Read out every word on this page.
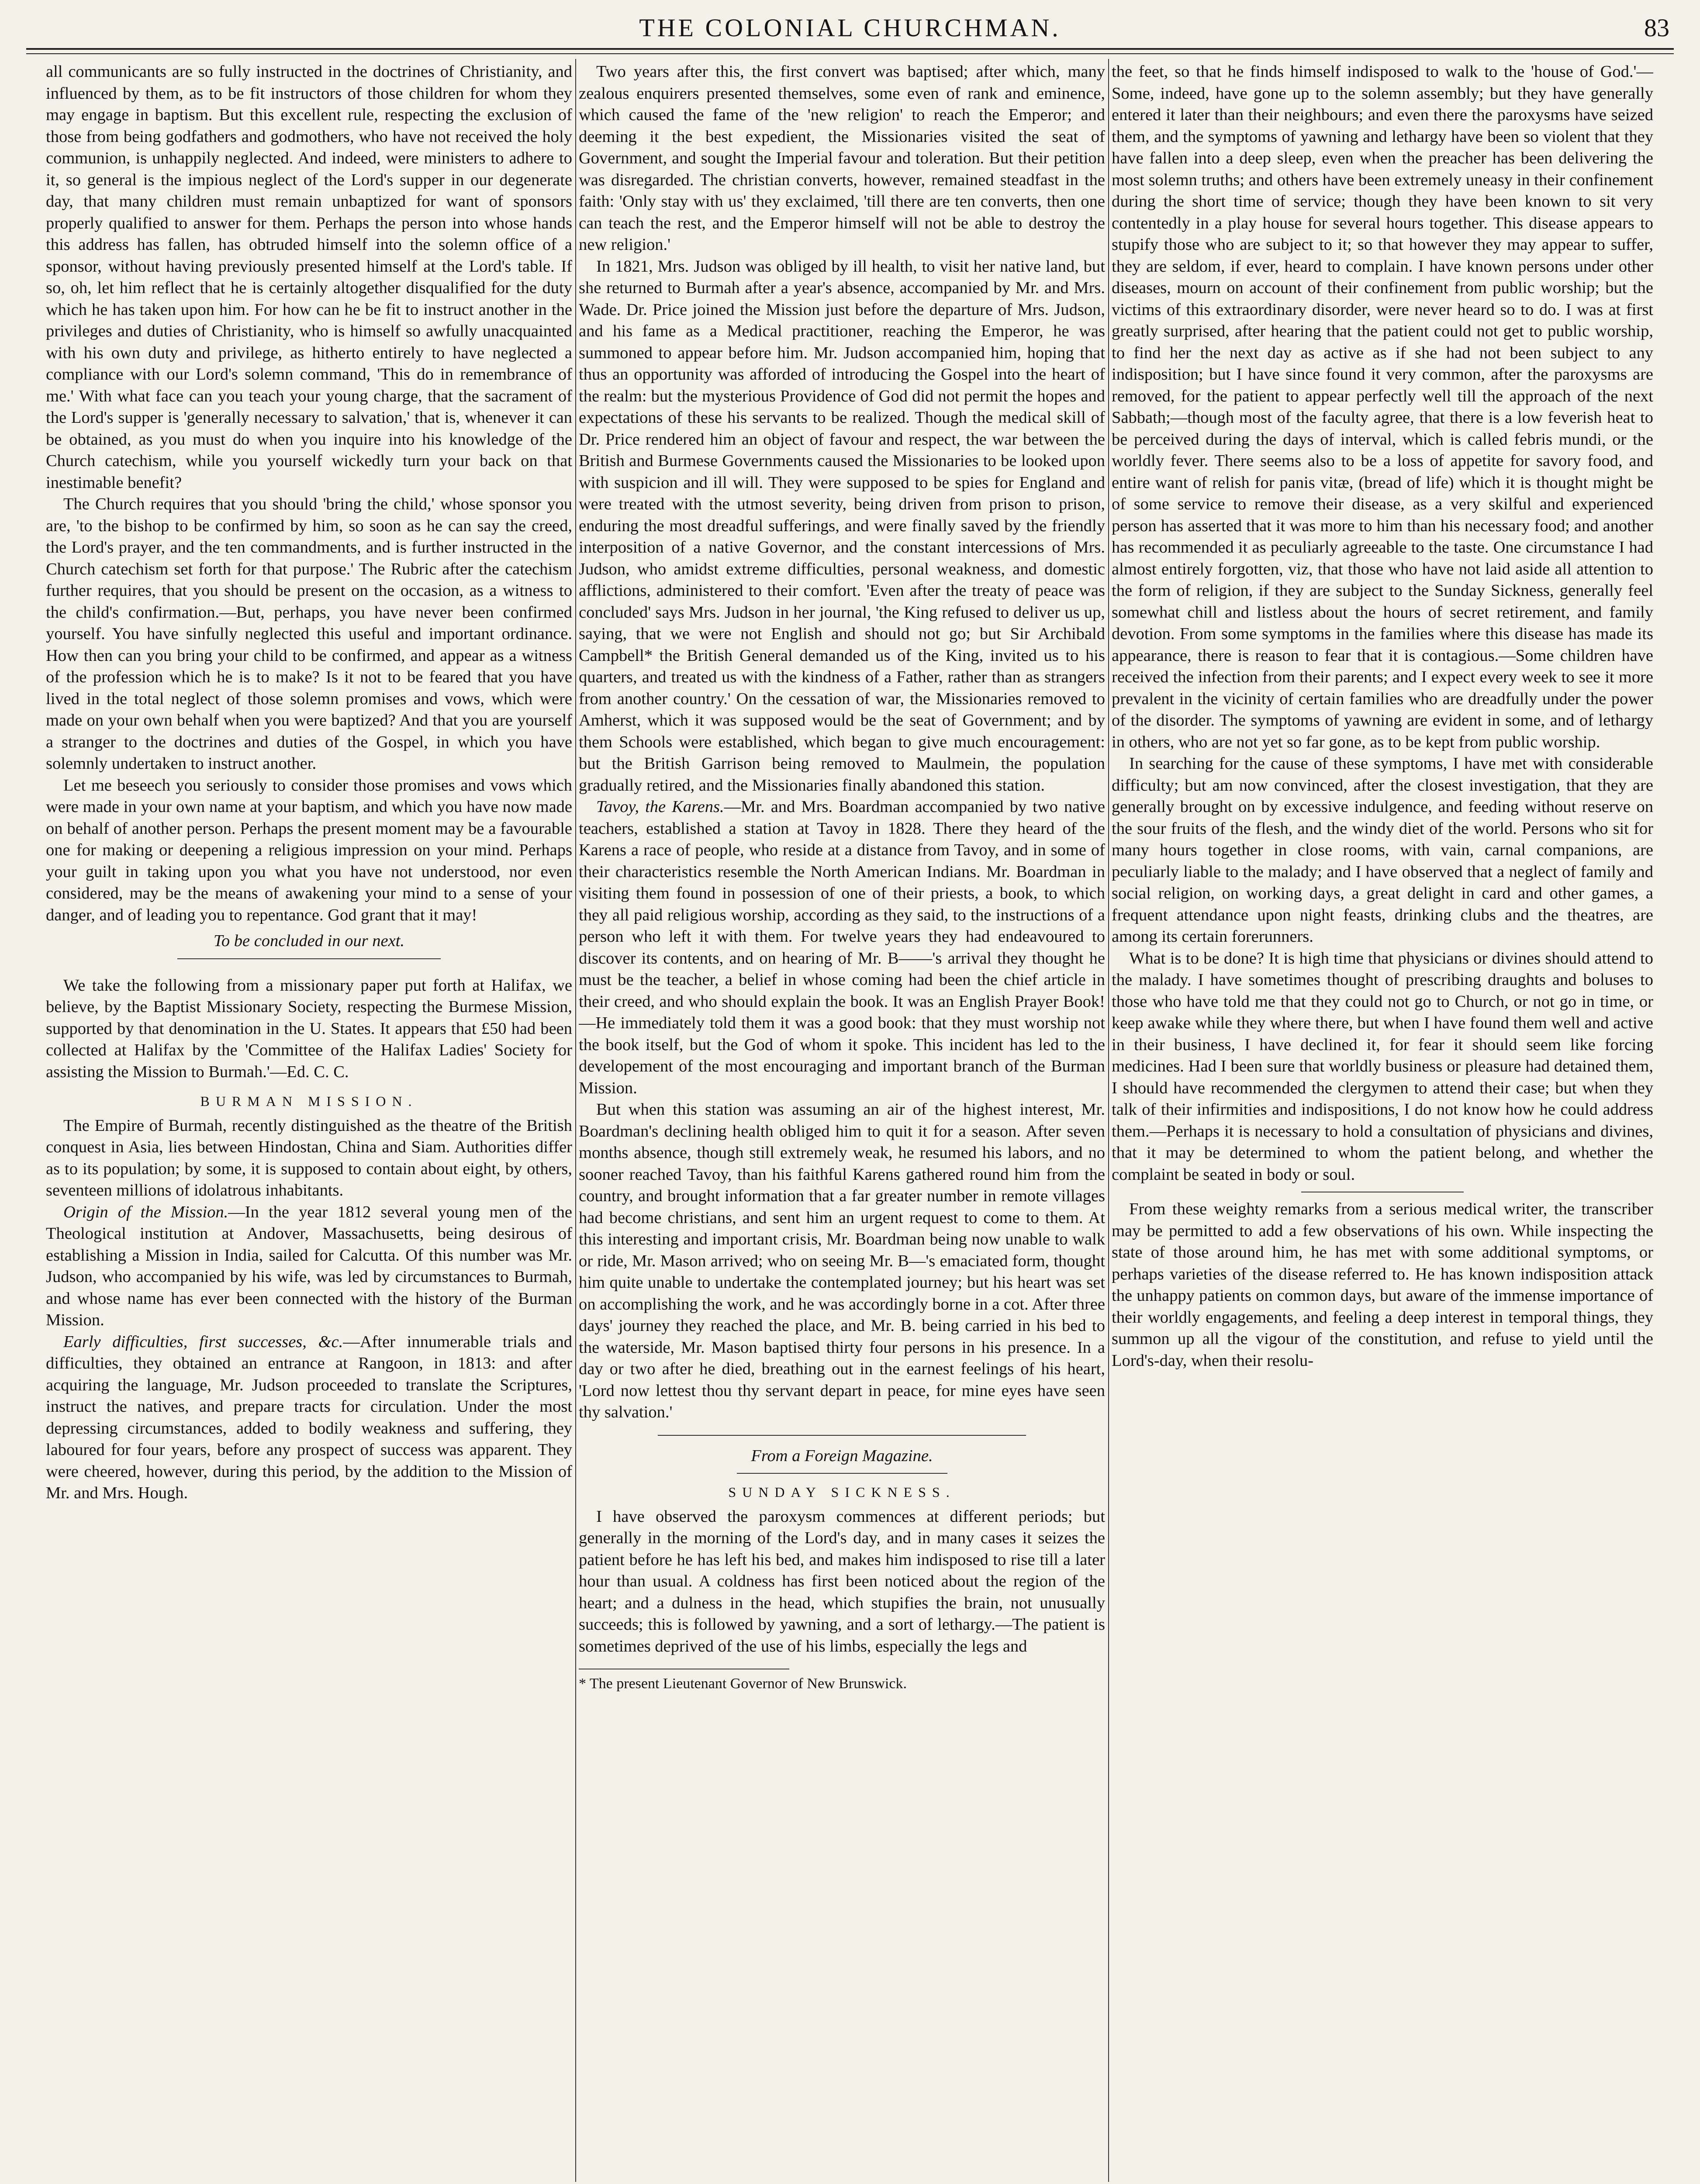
THE COLONIAL CHURCHMAN.	83

all communicants are so fully instructed in the doctrines of Christianity, and influenced by them, as to be fit instructors of those children for whom they may engage in baptism. But this excellent rule, respecting the exclusion of those from being godfathers and godmothers, who have not received the holy communion, is unhappily neglected. And indeed, were ministers to adhere to it, so general is the impious neglect of the Lord's supper in our degenerate day, that many children must remain unbaptized for want of sponsors properly qualified to answer for them. Perhaps the person into whose hands this address has fallen, has obtruded himself into the solemn office of a sponsor, without having previously presented himself at the Lord's table. If so, oh, let him reflect that he is certainly altogether disqualified for the duty which he has taken upon him. For how can he be fit to instruct another in the privileges and duties of Christianity, who is himself so awfully unacquainted with his own duty and privilege, as hitherto entirely to have neglected a compliance with our Lord's solemn command, 'This do in remembrance of me.' With what face can you teach your young charge, that the sacrament of the Lord's supper is 'generally necessary to salvation,' that is, whenever it can be obtained, as you must do when you inquire into his knowledge of the Church catechism, while you yourself wickedly turn your back on that inestimable benefit?

The Church requires that you should 'bring the child,' whose sponsor you are, 'to the bishop to be confirmed by him, so soon as he can say the creed, the Lord's prayer, and the ten commandments, and is further instructed in the Church catechism set forth for that purpose.' The Rubric after the catechism further requires, that you should be present on the occasion, as a witness to the child's confirmation.—But, perhaps, you have never been confirmed yourself. You have sinfully neglected this useful and important ordinance. How then can you bring your child to be confirmed, and appear as a witness of the profession which he is to make? Is it not to be feared that you have lived in the total neglect of those solemn promises and vows, which were made on your own behalf when you were baptized? And that you are yourself a stranger to the doctrines and duties of the Gospel, in which you have solemnly undertaken to instruct another.

Let me beseech you seriously to consider those promises and vows which were made in your own name at your baptism, and which you have now made on behalf of another person. Perhaps the present moment may be a favourable one for making or deepening a religious impression on your mind. Perhaps your guilt in taking upon you what you have not understood, nor even considered, may be the means of awakening your mind to a sense of your danger, and of leading you to repentance. God grant that it may!

To be concluded in our next.

We take the following from a missionary paper put forth at Halifax, we believe, by the Baptist Missionary Society, respecting the Burmese Mission, supported by that denomination in the U. States. It appears that £50 had been collected at Halifax by the 'Committee of the Halifax Ladies' Society for assisting the Mission to Burmah.'—Ed. C. C.

BURMAN MISSION.

The Empire of Burmah, recently distinguished as the theatre of the British conquest in Asia, lies between Hindostan, China and Siam. Authorities differ as to its population; by some, it is supposed to contain about eight, by others, seventeen millions of idolatrous inhabitants.

Origin of the Mission.—In the year 1812 several young men of the Theological institution at Andover, Massachusetts, being desirous of establishing a Mission in India, sailed for Calcutta. Of this number was Mr. Judson, who accompanied by his wife, was led by circumstances to Burmah, and whose name has ever been connected with the history of the Burman Mission.

Early difficulties, first successes, &c.—After innumerable trials and difficulties, they obtained an entrance at Rangoon, in 1813: and after acquiring the language, Mr. Judson proceeded to translate the Scriptures, instruct the natives, and prepare tracts for circulation. Under the most depressing circumstances, added to bodily weakness and suffering, they laboured for four years, before any prospect of success was apparent. They were cheered, however, during this period, by the addition to the Mission of Mr. and Mrs. Hough.

Two years after this, the first convert was baptised; after which, many zealous enquirers presented themselves, some even of rank and eminence, which caused the fame of the 'new religion' to reach the Emperor; and deeming it the best expedient, the Missionaries visited the seat of Government, and sought the Imperial favour and toleration. But their petition was disregarded. The christian converts, however, remained steadfast in the faith: 'Only stay with us' they exclaimed, 'till there are ten converts, then one can teach the rest, and the Emperor himself will not be able to destroy the new religion.'

In 1821, Mrs. Judson was obliged by ill health, to visit her native land, but she returned to Burmah after a year's absence, accompanied by Mr. and Mrs. Wade. Dr. Price joined the Mission just before the departure of Mrs. Judson, and his fame as a Medical practitioner, reaching the Emperor, he was summoned to appear before him. Mr. Judson accompanied him, hoping that thus an opportunity was afforded of introducing the Gospel into the heart of the realm: but the mysterious Providence of God did not permit the hopes and expectations of these his servants to be realized. Though the medical skill of Dr. Price rendered him an object of favour and respect, the war between the British and Burmese Governments caused the Missionaries to be looked upon with suspicion and ill will. They were supposed to be spies for England and were treated with the utmost severity, being driven from prison to prison, enduring the most dreadful sufferings, and were finally saved by the friendly interposition of a native Governor, and the constant intercessions of Mrs. Judson, who amidst extreme difficulties, personal weakness, and domestic afflictions, administered to their comfort. 'Even after the treaty of peace was concluded' says Mrs. Judson in her journal, 'the King refused to deliver us up, saying, that we were not English and should not go; but Sir Archibald Campbell* the British General demanded us of the King, invited us to his quarters, and treated us with the kindness of a Father, rather than as strangers from another country.' On the cessation of war, the Missionaries removed to Amherst, which it was supposed would be the seat of Government; and by them Schools were established, which began to give much encouragement: but the British Garrison being removed to Maulmein, the population gradually retired, and the Missionaries finally abandoned this station.

Tavoy, the Karens.—Mr. and Mrs. Boardman accompanied by two native teachers, established a station at Tavoy in 1828. There they heard of the Karens a race of people, who reside at a distance from Tavoy, and in some of their characteristics resemble the North American Indians. Mr. Boardman in visiting them found in possession of one of their priests, a book, to which they all paid religious worship, according as they said, to the instructions of a person who left it with them. For twelve years they had endeavoured to discover its contents, and on hearing of Mr. B——'s arrival they thought he must be the teacher, a belief in whose coming had been the chief article in their creed, and who should explain the book. It was an English Prayer Book!—He immediately told them it was a good book: that they must worship not the book itself, but the God of whom it spoke. This incident has led to the developement of the most encouraging and important branch of the Burman Mission.

But when this station was assuming an air of the highest interest, Mr. Boardman's declining health obliged him to quit it for a season. After seven months absence, though still extremely weak, he resumed his labors, and no sooner reached Tavoy, than his faithful Karens gathered round him from the country, and brought information that a far greater number in remote villages had become christians, and sent him an urgent request to come to them. At this interesting and important crisis, Mr. Boardman being now unable to walk or ride, Mr. Mason arrived; who on seeing Mr. B—'s emaciated form, thought him quite unable to undertake the contemplated journey; but his heart was set on accomplishing the work, and he was accordingly borne in a cot. After three days' journey they reached the place, and Mr. B. being carried in his bed to the waterside, Mr. Mason baptised thirty four persons in his presence. In a day or two after he died, breathing out in the earnest feelings of his heart, 'Lord now lettest thou thy servant depart in peace, for mine eyes have seen thy salvation.'

From a Foreign Magazine.

SUNDAY SICKNESS.

I have observed the paroxysm commences at different periods; but generally in the morning of the Lord's day, and in many cases it seizes the patient before he has left his bed, and makes him indisposed to rise till a later hour than usual. A coldness has first been noticed about the region of the heart; and a dulness in the head, which stupifies the brain, not unusually succeeds; this is followed by yawning, and a sort of lethargy.—The patient is sometimes deprived of the use of his limbs, especially the legs and

* The present Lieutenant Governor of New Brunswick.

the feet, so that he finds himself indisposed to walk to the 'house of God.'—Some, indeed, have gone up to the solemn assembly; but they have generally entered it later than their neighbours; and even there the paroxysms have seized them, and the symptoms of yawning and lethargy have been so violent that they have fallen into a deep sleep, even when the preacher has been delivering the most solemn truths; and others have been extremely uneasy in their confinement during the short time of service; though they have been known to sit very contentedly in a play house for several hours together. This disease appears to stupify those who are subject to it; so that however they may appear to suffer, they are seldom, if ever, heard to complain. I have known persons under other diseases, mourn on account of their confinement from public worship; but the victims of this extraordinary disorder, were never heard so to do. I was at first greatly surprised, after hearing that the patient could not get to public worship, to find her the next day as active as if she had not been subject to any indisposition; but I have since found it very common, after the paroxysms are removed, for the patient to appear perfectly well till the approach of the next Sabbath;—though most of the faculty agree, that there is a low feverish heat to be perceived during the days of interval, which is called febris mundi, or the worldly fever. There seems also to be a loss of appetite for savory food, and entire want of relish for panis vitæ, (bread of life) which it is thought might be of some service to remove their disease, as a very skilful and experienced person has asserted that it was more to him than his necessary food; and another has recommended it as peculiarly agreeable to the taste. One circumstance I had almost entirely forgotten, viz, that those who have not laid aside all attention to the form of religion, if they are subject to the Sunday Sickness, generally feel somewhat chill and listless about the hours of secret retirement, and family devotion. From some symptoms in the families where this disease has made its appearance, there is reason to fear that it is contagious.—Some children have received the infection from their parents; and I expect every week to see it more prevalent in the vicinity of certain families who are dreadfully under the power of the disorder. The symptoms of yawning are evident in some, and of lethargy in others, who are not yet so far gone, as to be kept from public worship.

In searching for the cause of these symptoms, I have met with considerable difficulty; but am now convinced, after the closest investigation, that they are generally brought on by excessive indulgence, and feeding without reserve on the sour fruits of the flesh, and the windy diet of the world. Persons who sit for many hours together in close rooms, with vain, carnal companions, are peculiarly liable to the malady; and I have observed that a neglect of family and social religion, on working days, a great delight in card and other games, a frequent attendance upon night feasts, drinking clubs and the theatres, are among its certain forerunners.

What is to be done? It is high time that physicians or divines should attend to the malady. I have sometimes thought of prescribing draughts and boluses to those who have told me that they could not go to Church, or not go in time, or keep awake while they where there, but when I have found them well and active in their business, I have declined it, for fear it should seem like forcing medicines. Had I been sure that worldly business or pleasure had detained them, I should have recommended the clergymen to attend their case; but when they talk of their infirmities and indispositions, I do not know how he could address them.—Perhaps it is necessary to hold a consultation of physicians and divines, that it may be determined to whom the patient belong, and whether the complaint be seated in body or soul.

From these weighty remarks from a serious medical writer, the transcriber may be permitted to add a few observations of his own. While inspecting the state of those around him, he has met with some additional symptoms, or perhaps varieties of the disease referred to. He has known indisposition attack the unhappy patients on common days, but aware of the immense importance of their worldly engagements, and feeling a deep interest in temporal things, they summon up all the vigour of the constitution, and refuse to yield until the Lord's-day, when their resolu-
